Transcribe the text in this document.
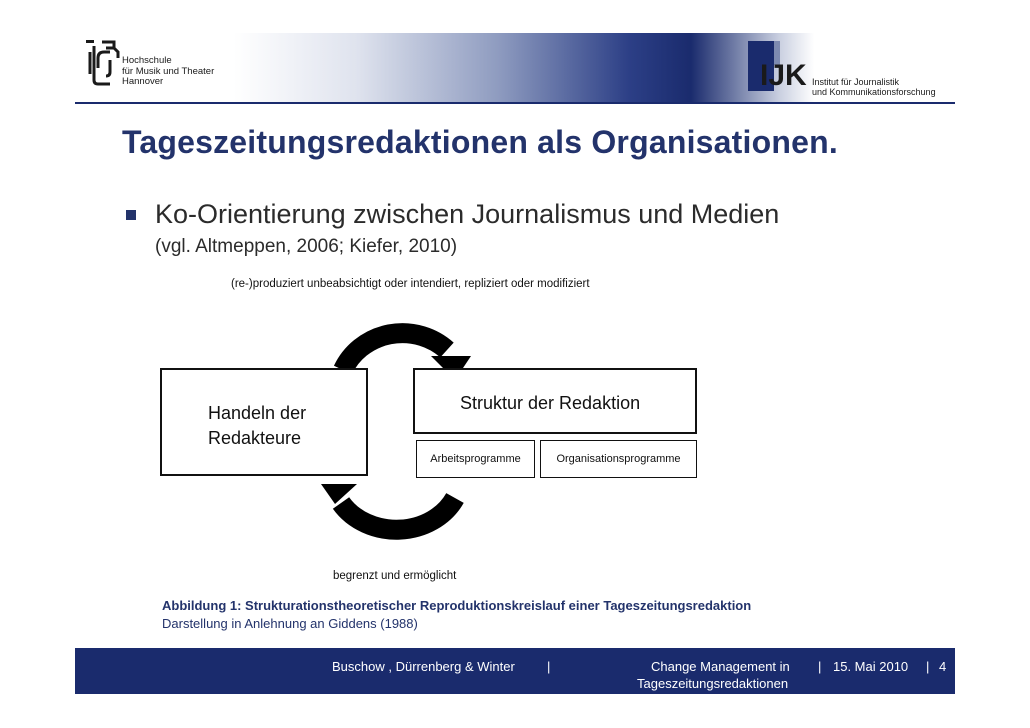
Hochschule
für Musik und Theater
Hannover	IJK Institut für Journalistik
und Kommunikationsforschung
Tageszeitungsredaktionen als Organisationen.
Ko-Orientierung zwischen Journalismus und Medien
(vgl. Altmeppen, 2006; Kiefer, 2010)
(re-)produziert unbeabsichtigt oder intendiert, repliziert oder modifiziert
Handeln der
Redakteure
Struktur der Redaktion
Arbeitsprogramme	Organisationsprogramme
begrenzt und ermöglicht
Abbildung 1: Strukturationstheoretischer Reproduktionskreislauf einer Tageszeitungsredaktion
Darstellung in Anlehnung an Giddens (1988)
Buschow , Dürrenberg & Winter |	Change Management in
Tageszeitungsredaktionen
| 15. Mai 2010 | 4
